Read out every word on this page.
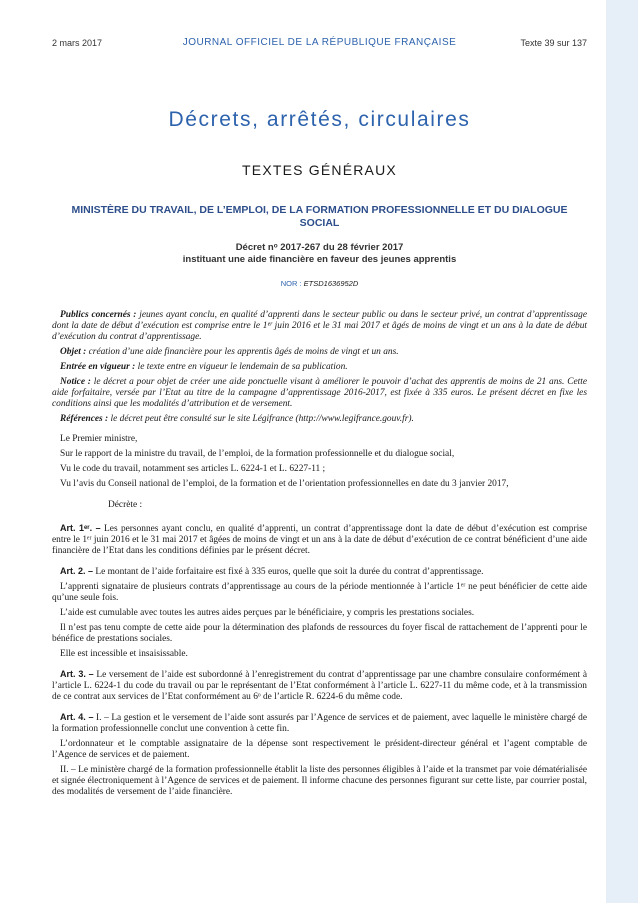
2 mars 2017	JOURNAL OFFICIEL DE LA RÉPUBLIQUE FRANÇAISE	Texte 39 sur 137
Décrets, arrêtés, circulaires
TEXTES GÉNÉRAUX
MINISTÈRE DU TRAVAIL, DE L’EMPLOI, DE LA FORMATION PROFESSIONNELLE ET DU DIALOGUE SOCIAL
Décret nᵒ 2017-267 du 28 février 2017
instituant une aide financière en faveur des jeunes apprentis
NOR : ETSD1636952D

Publics concernés : jeunes ayant conclu, en qualité d’apprenti dans le secteur public ou dans le secteur privé, un contrat d’apprentissage dont la date de début d’exécution est comprise entre le 1ᵉʳ juin 2016 et le 31 mai 2017 et âgés de moins de vingt et un ans à la date de début d’exécution du contrat d’apprentissage.

Objet : création d’une aide financière pour les apprentis âgés de moins de vingt et un ans.

Entrée en vigueur : le texte entre en vigueur le lendemain de sa publication.

Notice : le décret a pour objet de créer une aide ponctuelle visant à améliorer le pouvoir d’achat des apprentis de moins de 21 ans. Cette aide forfaitaire, versée par l’Etat au titre de la campagne d’apprentissage 2016-2017, est fixée à 335 euros. Le présent décret en fixe les conditions ainsi que les modalités d’attribution et de versement.

Références : le décret peut être consulté sur le site Légifrance (http://www.legifrance.gouv.fr).

Le Premier ministre,

Sur le rapport de la ministre du travail, de l’emploi, de la formation professionnelle et du dialogue social,

Vu le code du travail, notamment ses articles L. 6224-1 et L. 6227-11 ;

Vu l’avis du Conseil national de l’emploi, de la formation et de l’orientation professionnelles en date du 3 janvier 2017,

Décrète :

Art. 1ᵉʳ. – Les personnes ayant conclu, en qualité d’apprenti, un contrat d’apprentissage dont la date de début d’exécution est comprise entre le 1ᵉʳ juin 2016 et le 31 mai 2017 et âgées de moins de vingt et un ans à la date de début d’exécution de ce contrat bénéficient d’une aide financière de l’Etat dans les conditions définies par le présent décret.

Art. 2. – Le montant de l’aide forfaitaire est fixé à 335 euros, quelle que soit la durée du contrat d’apprentissage.

L’apprenti signataire de plusieurs contrats d’apprentissage au cours de la période mentionnée à l’article 1ᵉʳ ne peut bénéficier de cette aide qu’une seule fois.

L’aide est cumulable avec toutes les autres aides perçues par le bénéficiaire, y compris les prestations sociales.

Il n’est pas tenu compte de cette aide pour la détermination des plafonds de ressources du foyer fiscal de rattachement de l’apprenti pour le bénéfice de prestations sociales.

Elle est incessible et insaisissable.

Art. 3. – Le versement de l’aide est subordonné à l’enregistrement du contrat d’apprentissage par une chambre consulaire conformément à l’article L. 6224-1 du code du travail ou par le représentant de l’Etat conformément à l’article L. 6227-11 du même code, et à la transmission de ce contrat aux services de l’Etat conformément au 6ᵒ de l’article R. 6224-6 du même code.

Art. 4. – I. – La gestion et le versement de l’aide sont assurés par l’Agence de services et de paiement, avec laquelle le ministère chargé de la formation professionnelle conclut une convention à cette fin.

L’ordonnateur et le comptable assignataire de la dépense sont respectivement le président-directeur général et l’agent comptable de l’Agence de services et de paiement.

II. – Le ministère chargé de la formation professionnelle établit la liste des personnes éligibles à l’aide et la transmet par voie dématérialisée et signée électroniquement à l’Agence de services et de paiement. Il informe chacune des personnes figurant sur cette liste, par courrier postal, des modalités de versement de l’aide financière.
